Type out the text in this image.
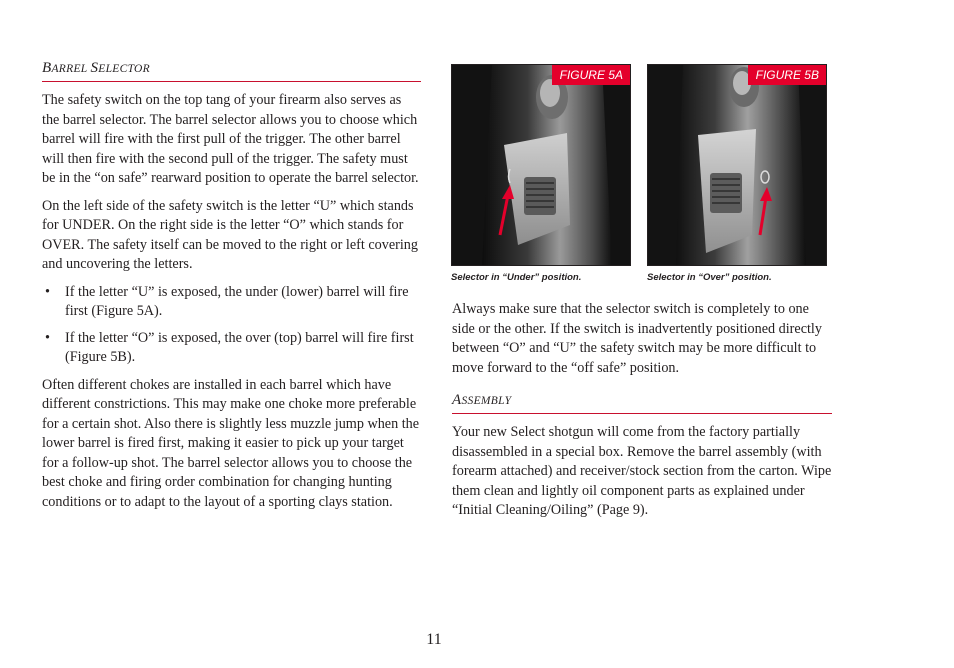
BARREL SELECTOR

The safety switch on the top tang of your firearm also serves as the barrel selector. The barrel selector allows you to choose which barrel will fire with the first pull of the trigger. The other barrel will then fire with the second pull of the trigger. The safety must be in the “on safe” rearward position to operate the barrel selector.

On the left side of the safety switch is the letter “U” which stands for UNDER. On the right side is the letter “O” which stands for OVER. The safety itself can be moved to the right or left covering and uncovering the letters.

• If the letter “U” is exposed, the under (lower) barrel will fire first (Figure 5A).
• If the letter “O” is exposed, the over (top) barrel will fire first (Figure 5B).

Often different chokes are installed in each barrel which have different constrictions. This may make one choke more preferable for a certain shot. Also there is slightly less muzzle jump when the lower barrel is fired first, making it easier to pick up your target for a follow-up shot. The barrel selector allows you to choose the best choke and firing order combination for changing hunting conditions or to adapt to the layout of a sporting clays station.

FIGURE 5A
Selector in “Under” position.
FIGURE 5B
Selector in “Over” position.

Always make sure that the selector switch is completely to one side or the other. If the switch is inadvertently positioned directly between “O” and “U” the safety switch may be more difficult to move forward to the “off safe” position.

ASSEMBLY

Your new Select shotgun will come from the factory partially disassembled in a special box. Remove the barrel assembly (with forearm attached) and receiver/stock section from the carton. Wipe them clean and lightly oil component parts as explained under “Initial Cleaning/Oiling” (Page 9).

11
